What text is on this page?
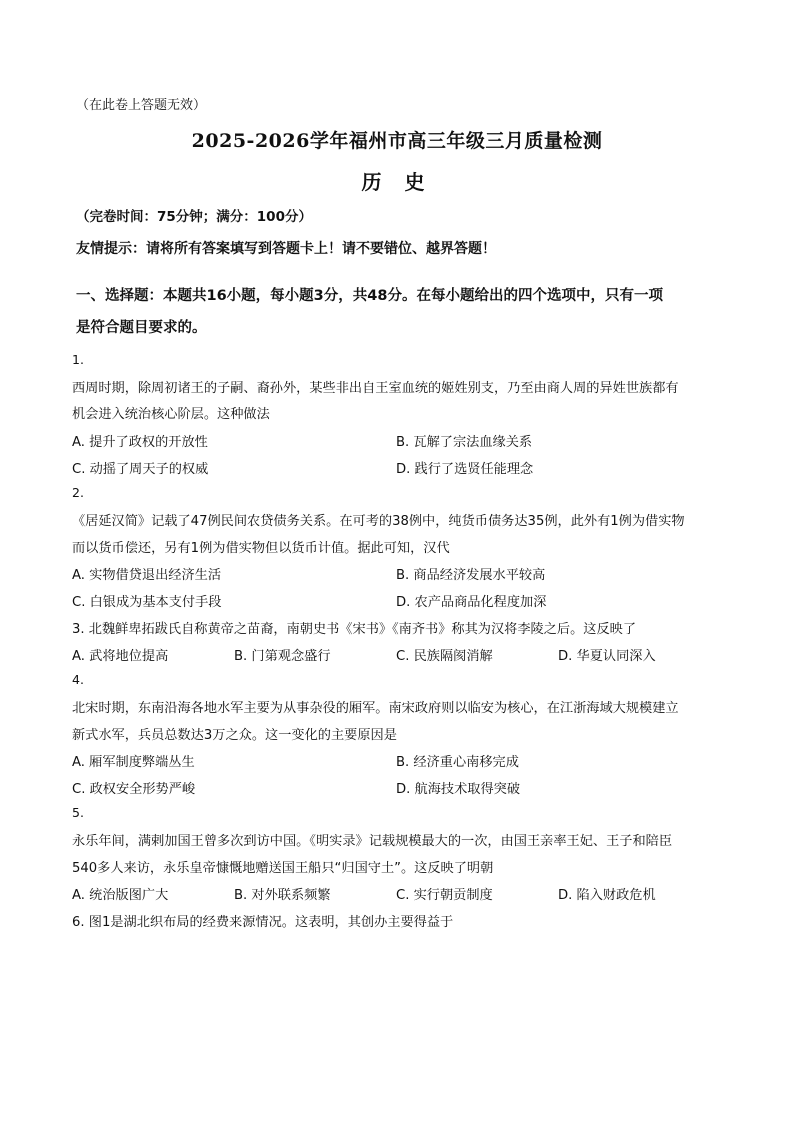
（在此卷上答题无效）
2025-2026学年福州市高三年级三月质量检测
历 史
（完卷时间：75分钟；满分：100分）
友情提示：请将所有答案填写到答题卡上！请不要错位、越界答题！
一、选择题：本题共16小题，每小题3分，共48分。在每小题给出的四个选项中，只有一项
是符合题目要求的。
1.
西周时期，除周初诸王的子嗣、裔孙外，某些非出自王室血统的姬姓别支，乃至由商人周的异姓世族都有
机会进入统治核心阶层。这种做法
A. 提升了政权的开放性	B. 瓦解了宗法血缘关系
C. 动摇了周天子的权威	D. 践行了选贤任能理念
2.
《居延汉简》记载了47例民间农贷债务关系。在可考的38例中，纯货币债务达35例，此外有1例为借实物
而以货币偿还，另有1例为借实物但以货币计值。据此可知，汉代
A. 实物借贷退出经济生活	B. 商品经济发展水平较高
C. 白银成为基本支付手段	D. 农产品商品化程度加深
3. 北魏鲜卑拓跋氏自称黄帝之苗裔，南朝史书《宋书》《南齐书》称其为汉将李陵之后。这反映了
A. 武将地位提高	B. 门第观念盛行	C. 民族隔阂消解	D. 华夏认同深入
4.
北宋时期，东南沿海各地水军主要为从事杂役的厢军。南宋政府则以临安为核心，在江浙海域大规模建立
新式水军，兵员总数达3万之众。这一变化的主要原因是
A. 厢军制度弊端丛生	B. 经济重心南移完成
C. 政权安全形势严峻	D. 航海技术取得突破
5.
永乐年间，满剌加国王曾多次到访中国。《明实录》记载规模最大的一次，由国王亲率王妃、王子和陪臣
540多人来访，永乐皇帝慷慨地赠送国王船只“归国守土”。这反映了明朝
A. 统治版图广大	B. 对外联系频繁	C. 实行朝贡制度	D. 陷入财政危机
6. 图1是湖北织布局的经费来源情况。这表明，其创办主要得益于
